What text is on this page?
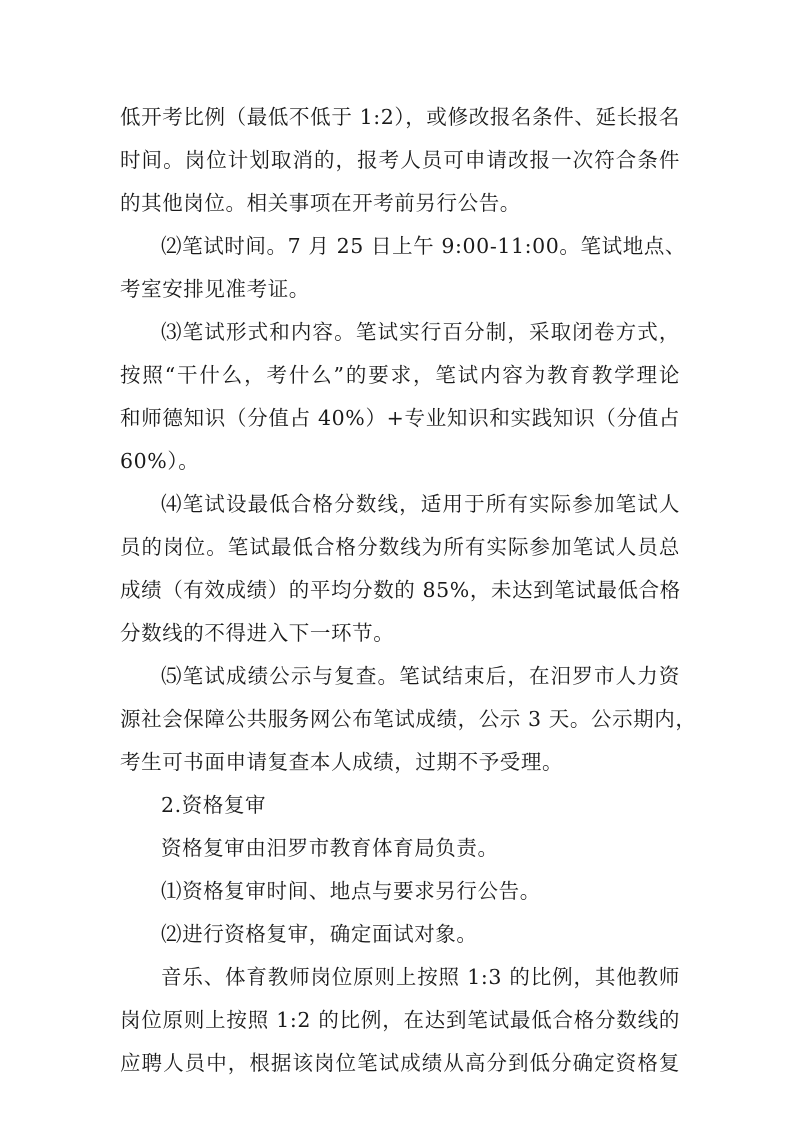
低开考比例（最低不低于 1:2），或修改报名条件、延长报名
时间。岗位计划取消的，报考人员可申请改报一次符合条件
的其他岗位。相关事项在开考前另行公告。
⑵笔试时间。7 月 25 日上午 9:00-11:00。笔试地点、
考室安排见准考证。
⑶笔试形式和内容。笔试实行百分制，采取闭卷方式，
按照“干什么，考什么”的要求，笔试内容为教育教学理论
和师德知识（分值占 40%）+专业知识和实践知识（分值占
60%）。
⑷笔试设最低合格分数线，适用于所有实际参加笔试人
员的岗位。笔试最低合格分数线为所有实际参加笔试人员总
成绩（有效成绩）的平均分数的 85%，未达到笔试最低合格
分数线的不得进入下一环节。
⑸笔试成绩公示与复查。笔试结束后，在汨罗市人力资
源社会保障公共服务网公布笔试成绩，公示 3 天。公示期内，
考生可书面申请复查本人成绩，过期不予受理。
2.资格复审
资格复审由汨罗市教育体育局负责。
⑴资格复审时间、地点与要求另行公告。
⑵进行资格复审，确定面试对象。
音乐、体育教师岗位原则上按照 1:3 的比例，其他教师
岗位原则上按照 1:2 的比例，在达到笔试最低合格分数线的
应聘人员中，根据该岗位笔试成绩从高分到低分确定资格复
